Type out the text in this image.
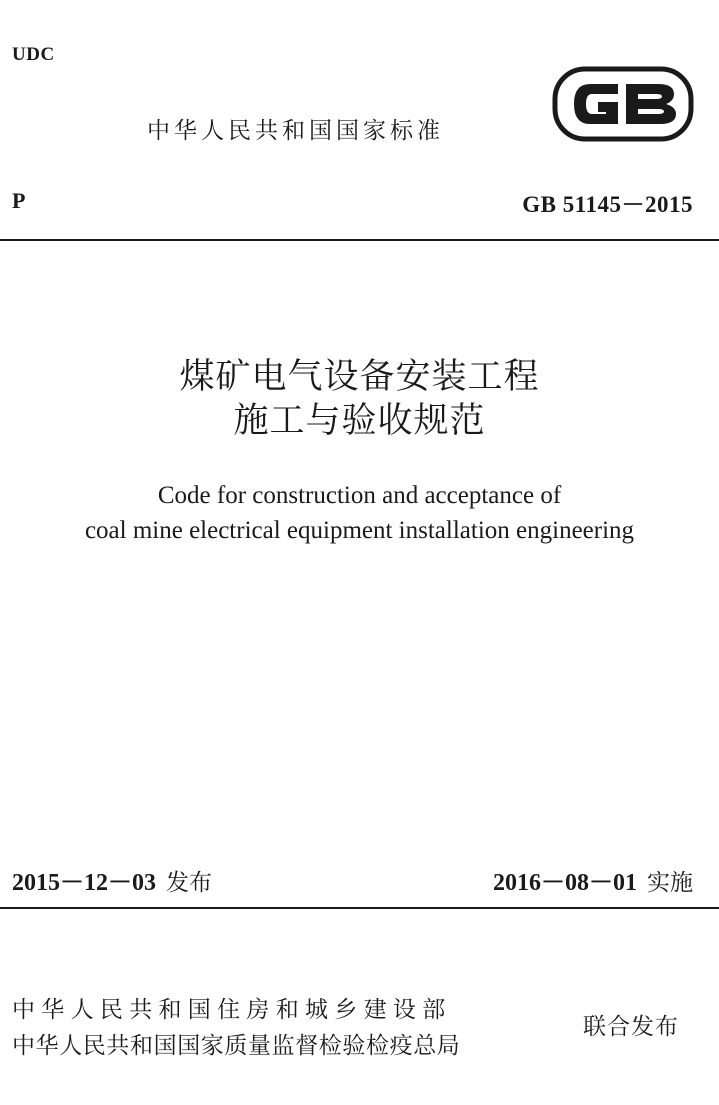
UDC
中华人民共和国国家标准
P	GB 51145－2015
煤矿电气设备安装工程
施工与验收规范
Code for construction and acceptance of
coal mine electrical equipment installation engineering
2015－12－03 发布	2016－08－01 实施
中华人民共和国住房和城乡建设部
中华人民共和国国家质量监督检验检疫总局
联合发布
